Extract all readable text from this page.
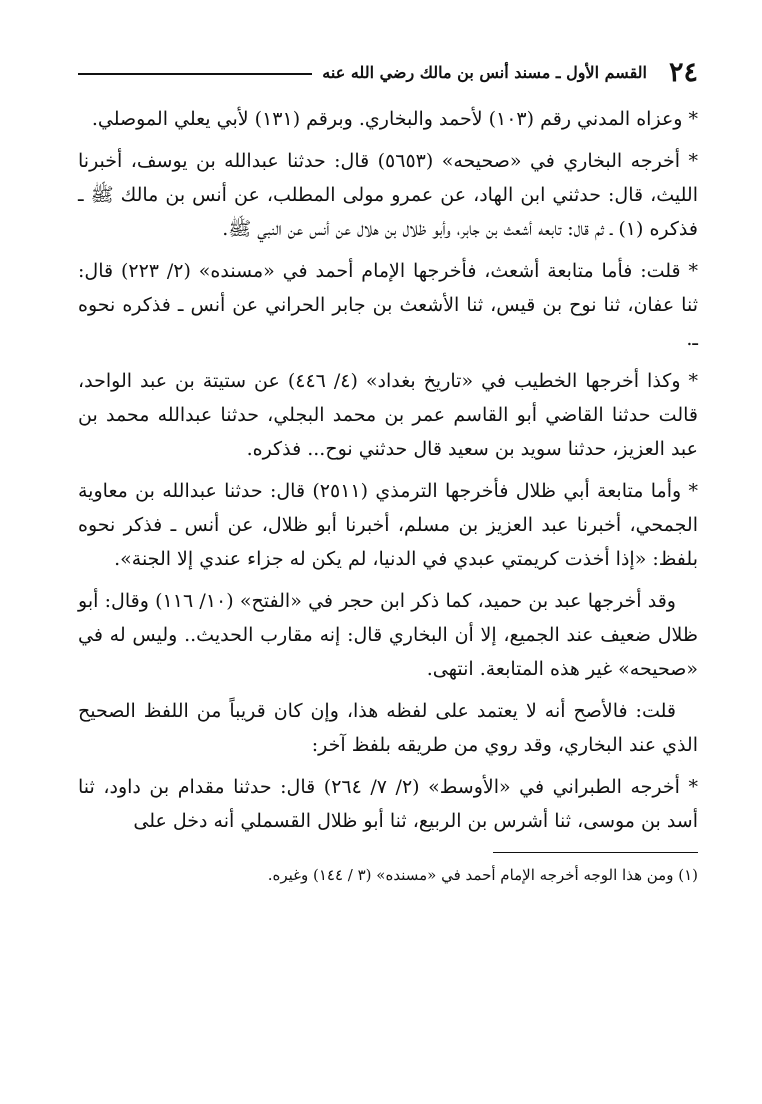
٢٤
القسم الأول ـ مسند أنس بن مالك رضي الله عنه

* وعزاه المدني رقم (١٠٣) لأحمد والبخاري. وبرقم (١٣١) لأبي يعلي الموصلي.

* أخرجه البخاري في «صحيحه» (٥٦٥٣) قال: حدثنا عبدالله بن يوسف، أخبرنا الليث، قال: حدثني ابن الهاد، عن عمرو مولى المطلب، عن أنس بن مالك ﷺ ـ فذكره (١) ـ ثم قال: تابعه أشعث بن جابر، وأبو ظلال بن هلال عن أنس عن النبي ﷺ.

* قلت: فأما متابعة أشعث، فأخرجها الإمام أحمد في «مسنده» (٢/ ٢٢٣) قال: ثنا عفان، ثنا نوح بن قيس، ثنا الأشعث بن جابر الحراني عن أنس ـ فذكره نحوه ـ.

* وكذا أخرجها الخطيب في «تاريخ بغداد» (٤/ ٤٤٦) عن ستيتة بن عبد الواحد، قالت حدثنا القاضي أبو القاسم عمر بن محمد البجلي، حدثنا عبدالله محمد بن عبد العزيز، حدثنا سويد بن سعيد قال حدثني نوح... فذكره.

* وأما متابعة أبي ظلال فأخرجها الترمذي (٢٥١١) قال: حدثنا عبدالله بن معاوية الجمحي، أخبرنا عبد العزيز بن مسلم، أخبرنا أبو ظلال، عن أنس ـ فذكر نحوه بلفظ: «إذا أخذت كريمتي عبدي في الدنيا، لم يكن له جزاء عندي إلا الجنة».

وقد أخرجها عبد بن حميد، كما ذكر ابن حجر في «الفتح» (١٠/ ١١٦) وقال: أبو ظلال ضعيف عند الجميع، إلا أن البخاري قال: إنه مقارب الحديث.. وليس له في «صحيحه» غير هذه المتابعة. انتهى.

قلت: فالأصح أنه لا يعتمد على لفظه هذا، وإن كان قريباً من اللفظ الصحيح الذي عند البخاري، وقد روي من طريقه بلفظ آخر:

* أخرجه الطبراني في «الأوسط» (٢/ ٧/ ٢٦٤) قال: حدثنا مقدام بن داود، ثنا أسد بن موسى، ثنا أشرس بن الربيع، ثنا أبو ظلال القسملي أنه دخل على

(١) ومن هذا الوجه أخرجه الإمام أحمد في «مسنده» (٣ / ١٤٤) وغيره.
